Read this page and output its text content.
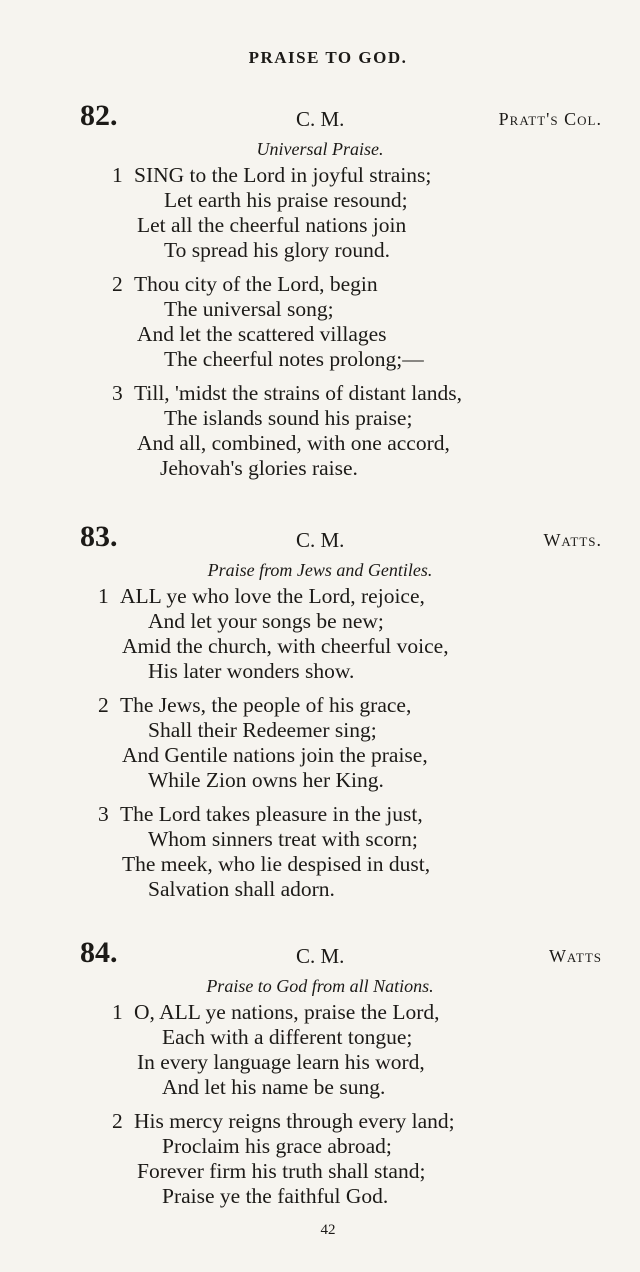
PRAISE TO GOD.
82.	C. M.	Pratt's Col.
Universal Praise.
1 SING to the Lord in joyful strains;
Let earth his praise resound;
Let all the cheerful nations join
To spread his glory round.
2 Thou city of the Lord, begin
The universal song;
And let the scattered villages
The cheerful notes prolong;—
3 Till, 'midst the strains of distant lands,
The islands sound his praise;
And all, combined, with one accord,
Jehovah's glories raise.
83.	C. M.	Watts.
Praise from Jews and Gentiles.
1 ALL ye who love the Lord, rejoice,
And let your songs be new;
Amid the church, with cheerful voice,
His later wonders show.
2 The Jews, the people of his grace,
Shall their Redeemer sing;
And Gentile nations join the praise,
While Zion owns her King.
3 The Lord takes pleasure in the just,
Whom sinners treat with scorn;
The meek, who lie despised in dust,
Salvation shall adorn.
84.	C. M.	Watts
Praise to God from all Nations.
1 O, ALL ye nations, praise the Lord,
Each with a different tongue;
In every language learn his word,
And let his name be sung.
2 His mercy reigns through every land;
Proclaim his grace abroad;
Forever firm his truth shall stand;
Praise ye the faithful God.
42
